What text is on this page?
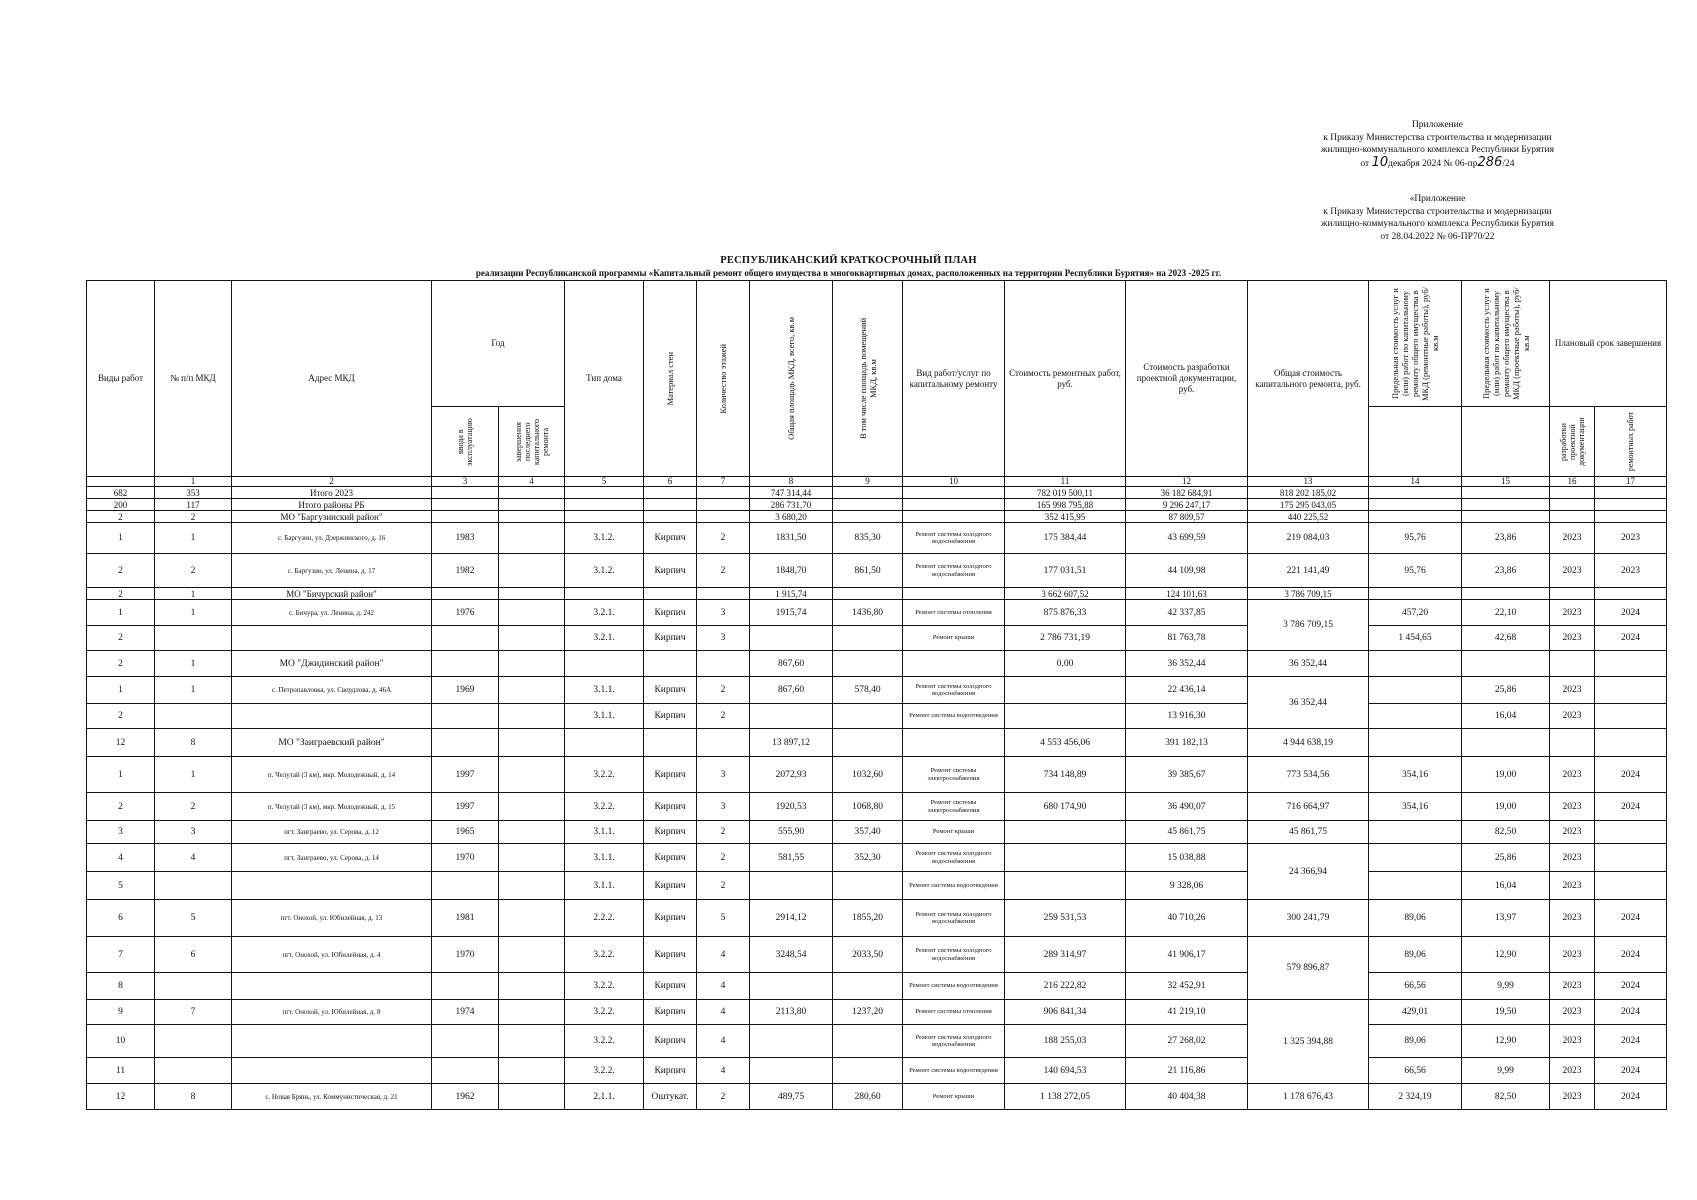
Приложение
к Приказу Министерства строительства и модернизации
жилищно-коммунального комплекса Республики Бурятия
от 10декабря 2024 № 06-пр286/24
«Приложение
к Приказу Министерства строительства и модернизации
жилищно-коммунального комплекса Республики Бурятия
от 28.04.2022 № 06-ПР70/22
РЕСПУБЛИКАНСКИЙ КРАТКОСРОЧНЫЙ ПЛАН
реализации Республиканской программы «Капитальный ремонт общего имущества в многоквартирных домах, расположенных на территории Республики Бурятия» на 2023 -2025 гг.
Виды работ	№ п/п МКД	Адрес МКД	Год		Тип дома	Материал стен	Количество этажей	Общая площадь МКД, всего, кв.м	В том числе площадь помещений МКД, кв.м	Вид работ/услуг по капитальному ремонту	Стоимость ремонтных работ, руб.	Стоимость разработки проектной документации, руб.	Общая стоимость капитального ремонта, руб.	Предельная стоимость услуг и (или) работ по капитальному ремонту общего имущества в МКД (ремонтные работы), руб/кв.м	Предельная стоимость услуг и (или) работ по капитальному ремонту общего имущества в МКД (проектные работы), руб/кв.м	Плановый срок завершения	

			ввода в эксплуатацию	завершения последнего капитального ремонта												разработки проектной документации	ремонтных работ

	1	2	3	4	5	6	7	8	9	10	11	12	13	14	15	16	17
682	353	Итого 2023						747 314,44			782 019 500,11	36 182 684,91	818 202 185,02				
200	117	Итого районы РБ						286 731,70			165 998 795,88	9 296 247,17	175 295 043,05				
2	2	МО "Баргузинский район"						3 680,20			352 415,95	87 809,57	440 225,52				
1	1	с. Баргузин, ул. Дзержинского, д. 16	1983		3.1.2.	Кирпич	2	1831,50	835,30	Ремонт системы холодного водоснабжения	175 384,44	43 699,59	219 084,03	95,76	23,86	2023	2023
2	2	с. Баргузин, ул. Ленина, д. 17	1982		3.1.2.	Кирпич	2	1848,70	861,50	Ремонт системы холодного водоснабжения	177 031,51	44 109,98	221 141,49	95,76	23,86	2023	2023
2	1	МО "Бичурский район"						1 915,74			3 662 607,52	124 101,63	3 786 709,15				
1	1	с. Бичура, ул. Ленина, д. 242	1976		3.2.1.	Кирпич	3	1915,74	1436,80	Ремонт системы отопления	875 876,33	42 337,85	3 786 709,15	457,20	22,10	2023	2024
2					3.2.1.	Кирпич	3			Ремонт крыши	2 786 731,19	81 763,78		1 454,65	42,68	2023	2024
2	1	МО "Джидинский район"						867,60			0,00	36 352,44	36 352,44				
1	1	с. Петропавловка, ул. Свердлова, д. 46А	1969		3.1.1.	Кирпич	2	867,60	578,40	Ремонт системы холодного водоснабжения		22 436,14	36 352,44		25,86	2023	
2					3.1.1.	Кирпич	2			Ремонт системы водоотведения		13 916,30			16,04	2023	
12	8	МО "Заиграевский район"						13 897,12			4 553 456,06	391 182,13	4 944 638,19				
1	1	п. Челутай (3 км), мкр. Молодежный, д. 14	1997		3.2.2.	Кирпич	3	2072,93	1032,60	Ремонт системы электроснабжения	734 148,89	39 385,67	773 534,56	354,16	19,00	2023	2024
2	2	п. Челутай (3 км), мкр. Молодежный, д. 15	1997		3.2.2.	Кирпич	3	1920,53	1068,80	Ремонт системы электроснабжения	680 174,90	36 490,07	716 664,97	354,16	19,00	2023	2024
3	3	пгт. Заиграево, ул. Серова, д. 12	1965		3.1.1.	Кирпич	2	555,90	357,40	Ремонт крыши		45 861,75	45 861,75		82,50	2023	
4	4	пгт. Заиграево, ул. Серова, д. 14	1970		3.1.1.	Кирпич	2	581,55	352,30	Ремонт системы холодного водоснабжения		15 038,88	24 366,94		25,86	2023	
5					3.1.1.	Кирпич	2			Ремонт системы водоотведения		9 328,06			16,04	2023	
6	5	пгт. Онохой, ул. Юбилейная, д. 13	1981		2.2.2.	Кирпич	5	2914,12	1855,20	Ремонт системы холодного водоснабжения	259 531,53	40 710,26	300 241,79	89,06	13,97	2023	2024
7	6	пгт. Онохой, ул. Юбилейная, д. 4	1970		3.2.2.	Кирпич	4	3248,54	2033,50	Ремонт системы холодного водоснабжения	289 314,97	41 906,17	579 896,87	89,06	12,90	2023	2024
8					3.2.2.	Кирпич	4			Ремонт системы водоотведения	216 222,82	32 452,91		66,56	9,99	2023	2024
9	7	пгт. Онохой, ул. Юбилейная, д. 8	1974		3.2.2.	Кирпич	4	2113,80	1237,20	Ремонт системы отопления	906 841,34	41 219,10	1 325 394,88	429,01	19,50	2023	2024
10					3.2.2.	Кирпич	4			Ремонт системы холодного водоснабжения	188 255,03	27 268,02		89,06	12,90	2023	2024
11					3.2.2.	Кирпич	4			Ремонт системы водоотведения	140 694,53	21 116,86		66,56	9,99	2023	2024
12	8	с. Новая Брянь, ул. Коммунистическая, д. 21	1962		2.1.1.	Оштукат.	2	489,75	280,60	Ремонт крыши	1 138 272,05	40 404,38	1 178 676,43	2 324,19	82,50	2023	2024
